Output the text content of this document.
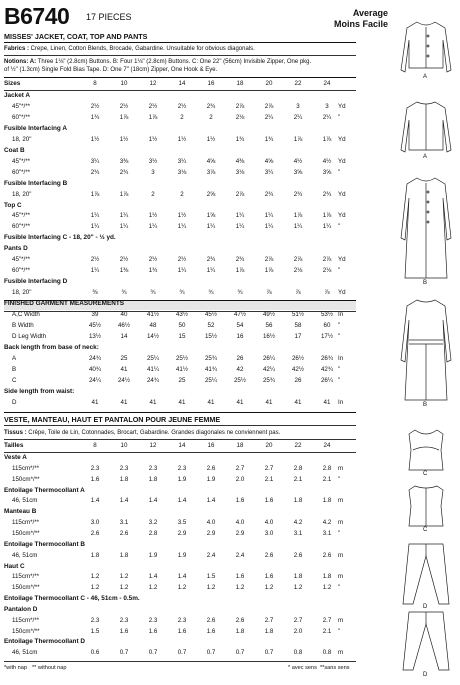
B6740 17 PIECES	Average
Moins Facile
MISSES' JACKET, COAT, TOP AND PANTS
Fabrics : Crepe, Linen, Cotton Blends, Brocade, Gabardine. Unsuitable for obvious diagonals.
Notions: A: Three 1⅛" (2.8cm) Buttons. B: Four 1⅛" (2.8cm) Buttons. C: One 22" (56cm) Invisible Zipper, One pkg.
of ½" (1.3cm) Single Fold Bias Tape. D: One 7" (18cm) Zipper, One Hook & Eye.
VESTE, MANTEAU, HAUT ET PANTALON POUR JEUNE FEMME
Tissus : Crêpe, Toile de Lin, Cotonnades, Brocart, Gabardine. Grandes diagonales ne conviennent pas.
*with nap ** without nap	* avec sens **sans sens
A
A
B
B
C
C
D
D
Sizes	8	10	12	14	16	18	20	22	24
Jacket A
45"*/**	2½	2½	2½	2½	2¾	2⅞	2⅞	3	3	Yd
60"*/**	1¾	1⅞	1⅞	2	2	2⅛	2¼	2¼	2¼	"
Fusible Interfacing A
18, 20"	1½	1½	1½	1½	1½	1¾	1¾	1⅞	1⅞	Yd
Coat B
45"*/**	3¼	3⅜	3½	3¼	4⅝	4⅜	4⅝	4½	4½	Yd
60"*/**	2¾	2¾	3	3⅛	3⅞	3⅛	3¼	3⅝	3⅝	"
Fusible Interfacing B
18, 20"	1⅞	1⅞	2	2	2⅝	2⅞	2¾	2¾	2¾	Yd
Top C
45"*/**	1¼	1¼	1½	1½	1⅝	1¼	1¼	1⅞	1⅞	Yd
60"*/**	1¼	1¼	1¼	1¼	1¼	1¼	1¼	1¼	1¼	"
Fusible Interfacing C - 18, 20" - ½ yd.
Pants D
45"*/**	2½	2½	2½	2½	2¾	2¾	2⅞	2⅞	2⅞	Yd
60"*/**	1¼	1⅜	1¾	1¼	1¼	1⅞	1⅞	2⅛	2⅛	"
Fusible Interfacing D
18, 20"	⅜	¾	¾	¾	¾	¾	⅞	⅞	⅞	Yd
FINISHED GARMENT MEASUREMENTS
A,C Width	39	40	41½	43½	45½	47½	49½	51½	53½ In
B Width	45½	46½	48	50	52	54	56	58	60	"
D Leg Width	13½	14	14½	15	15½	16	16½	17	17½ "
Back length from base of neck:
A	24¾	25	25¼	25½	25¾	26	26¼	26½	26¾ In
B	40¾	41	41¼	41½	41¾	42	42¼	42½	42¾ "
C	24¼	24½	24¾	25	25¼	25½	25¾	26	26¼ "
Side length from waist:
D	41	41	41	41	41	41	41	41	41	In
Tailles	8	10	12	14	16	18	20	22	24
Veste A
115cm*/**	2.3	2.3	2.3	2.3	2.6	2.7	2.7	2.8	2.8	m
150cm*/**	1.6	1.8	1.8	1.9	1.9	2.0	2.1	2.1	2.1	"
Entoilage Thermocollant A
46, 51cm	1.4	1.4	1.4	1.4	1.4	1.6	1.6	1.8	1.8	m
Manteau B
115cm*/**	3.0	3.1	3.2	3.5	4.0	4.0	4.0	4.2	4.2	m
150cm*/**	2.6	2.6	2.8	2.9	2.9	2.9	3.0	3.1	3.1	"
Entoilage Thermocollant B
46, 51cm	1.8	1.8	1.9	1.9	2.4	2.4	2.6	2.6	2.6	m
Haut C
115cm*/**	1.2	1.2	1.4	1.4	1.5	1.6	1.6	1.8	1.8	m
150cm*/**	1.2	1.2	1.2	1.2	1.2	1.2	1.2	1.2	1.2	"
Entoilage Thermocollant C - 46, 51cm - 0.5m.
Pantalon D
115cm*/**	2.3	2.3	2.3	2.3	2.6	2.6	2.7	2.7	2.7	m
150cm*/**	1.5	1.6	1.6	1.6	1.6	1.8	1.8	2.0	2.1	"
Entoilage Thermocollant D
46, 51cm	0.6	0.7	0.7	0.7	0.7	0.7	0.7	0.8	0.8	m
